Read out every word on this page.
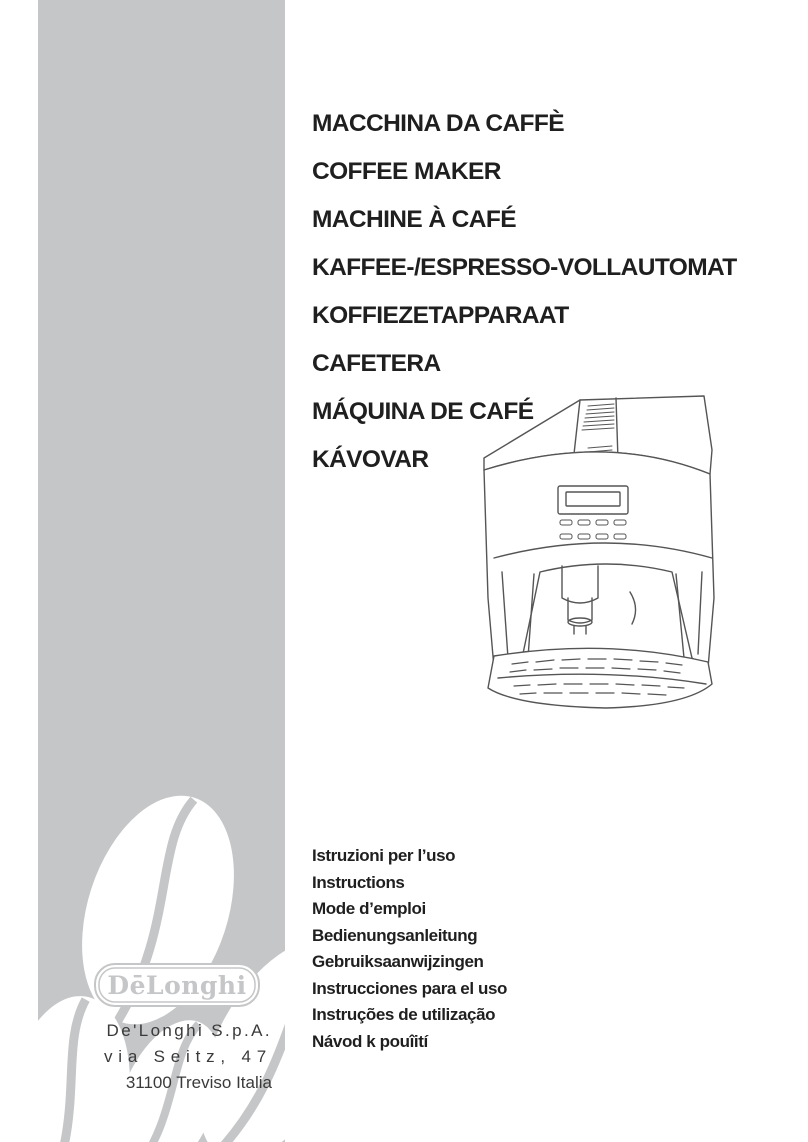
DēLonghi
De'Longhi S.p.A.
via Seitz, 47
31100 Treviso Italia
MACCHINA DA CAFFÈ
COFFEE MAKER
MACHINE À CAFÉ
KAFFEE-/ESPRESSO-VOLLAUTOMAT
KOFFIEZETAPPARAAT
CAFETERA
MÁQUINA DE CAFÉ
KÁVOVAR
Istruzioni per l’uso
Instructions
Mode d’emploi
Bedienungsanleitung
Gebruiksaanwijzingen
Instrucciones para el uso
Instruções de utilização
Návod k pouîití
